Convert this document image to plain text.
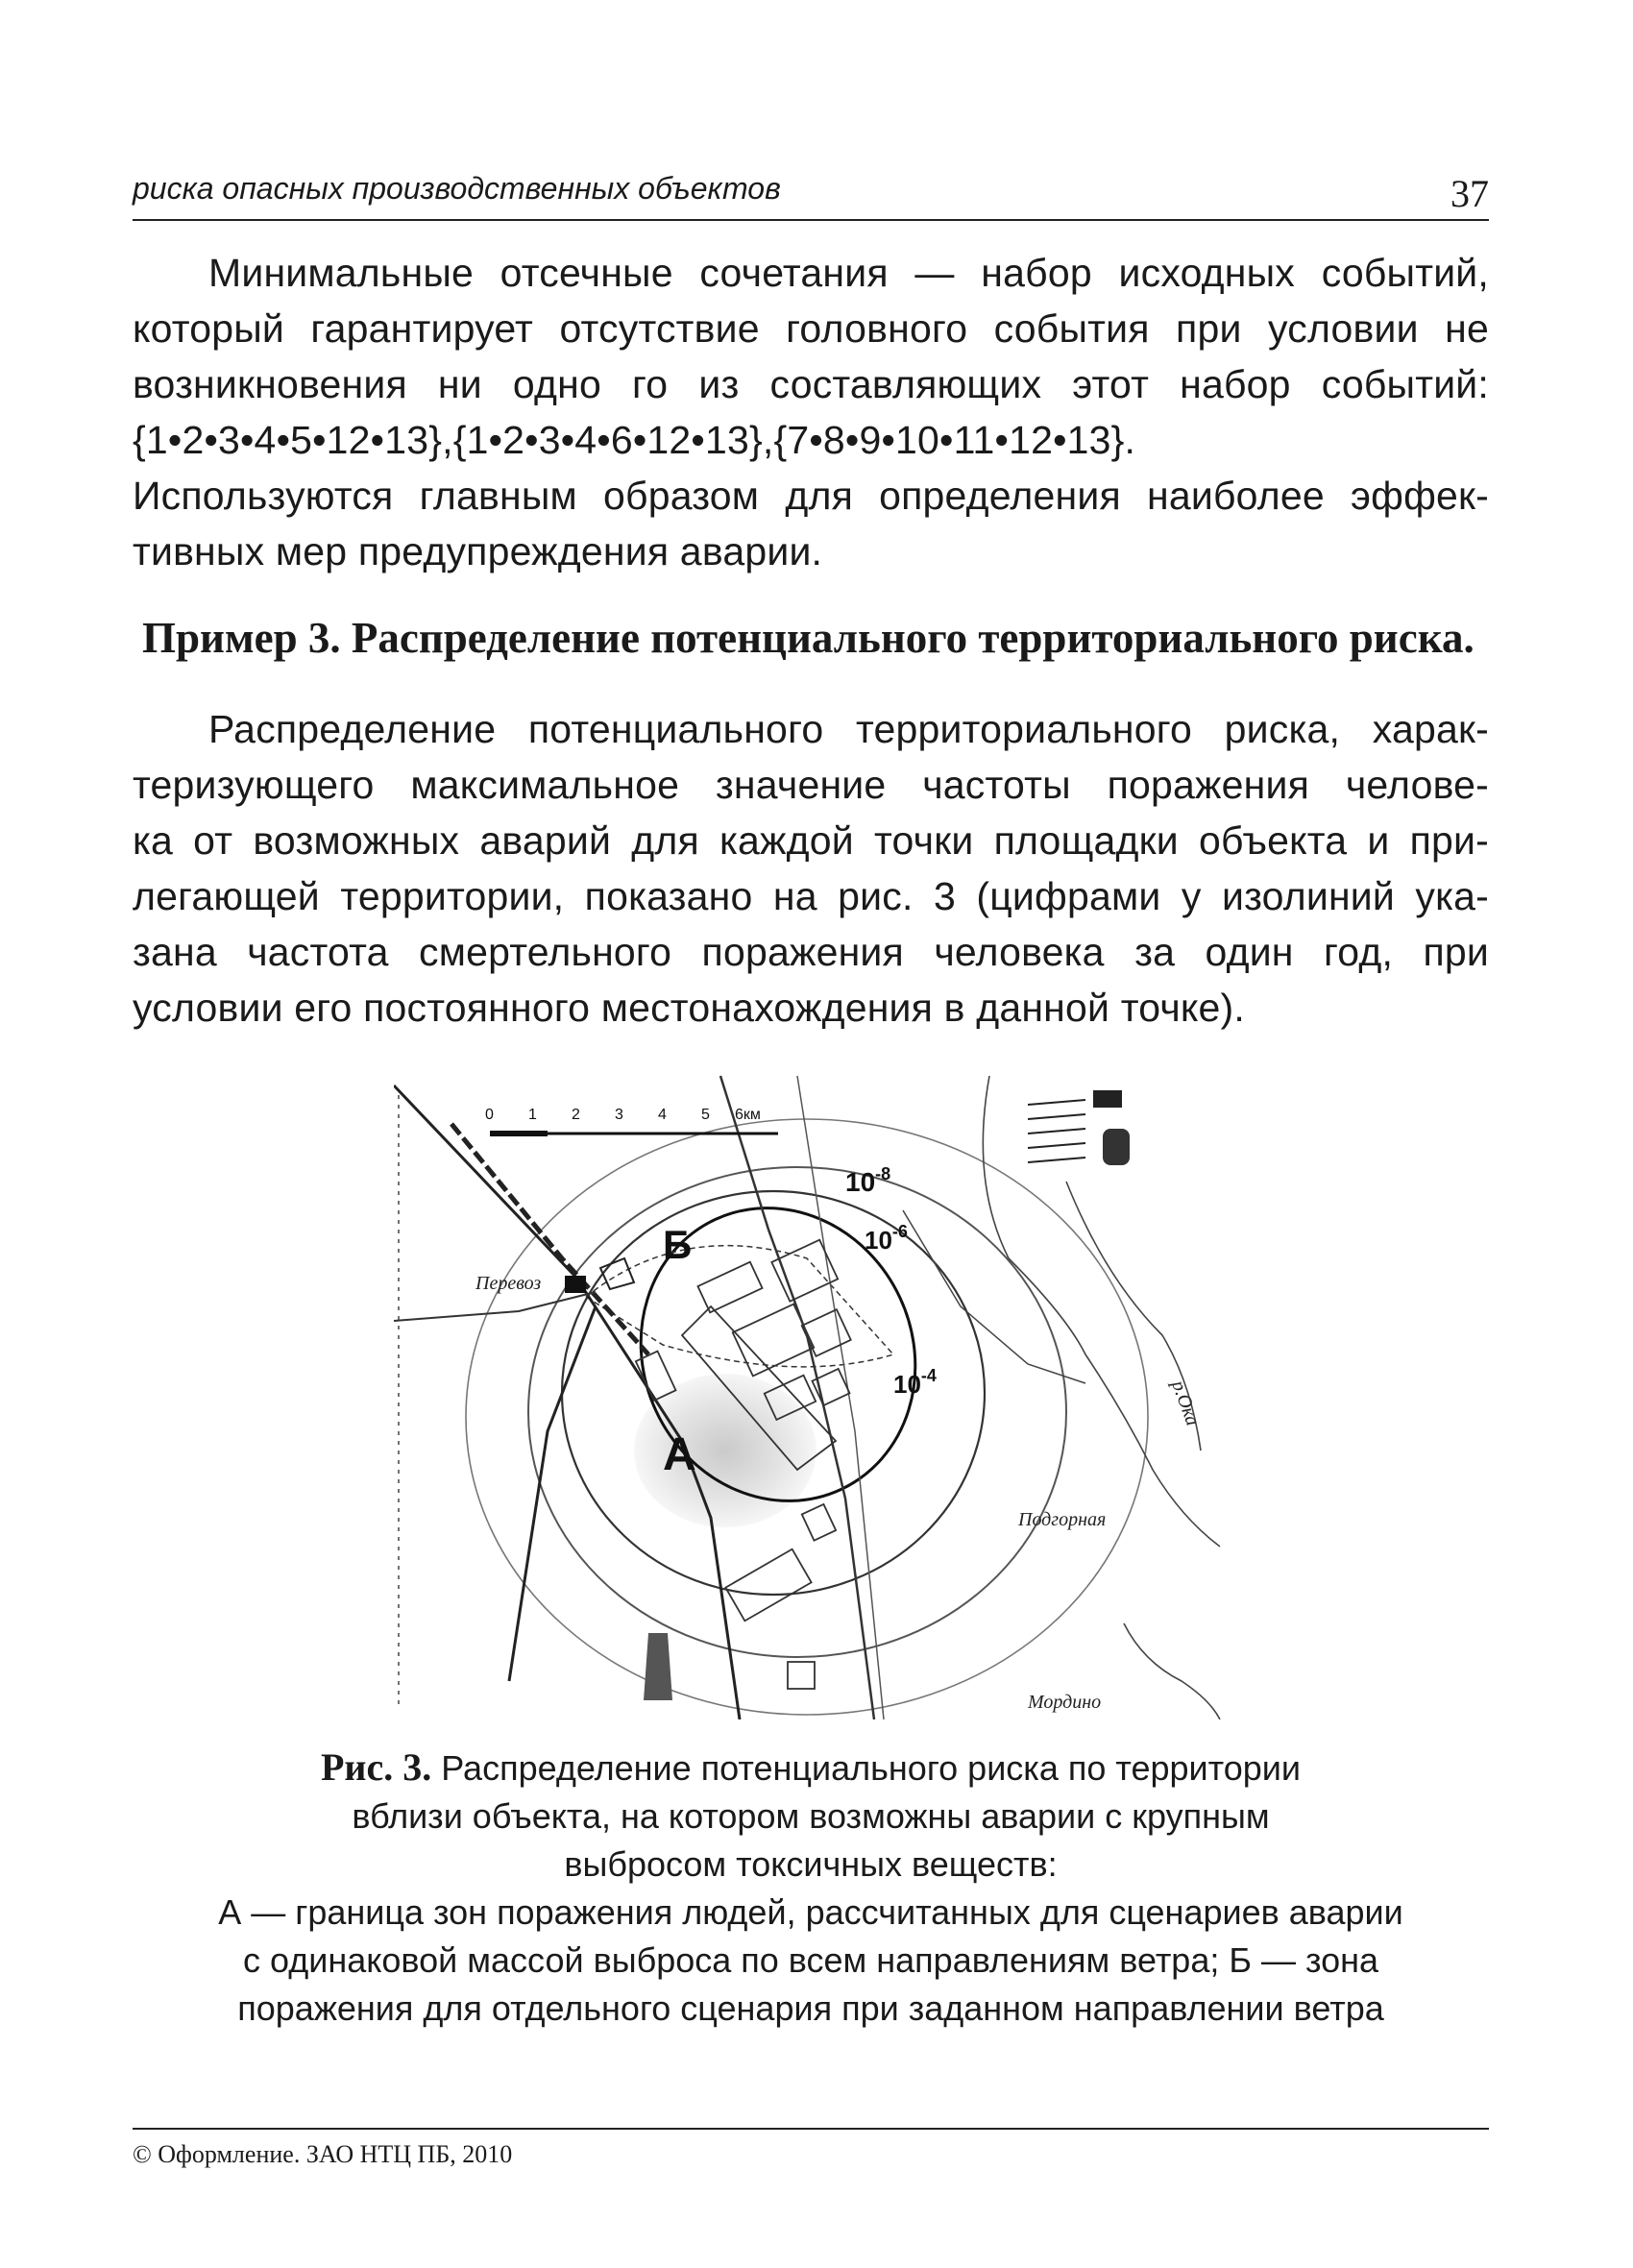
риска опасных производственных объектов	37
Минимальные отсечные сочетания — набор исходных событий,
который гарантирует отсутствие головного события при условии не
возникновения ни одно го из составляющих этот набор событий:
{1•2•3•4•5•12•13},{1•2•3•4•6•12•13},{7•8•9•10•11•12•13}.
Используются главным образом для определения наиболее эффек-
тивных мер предупреждения аварии.
Пример 3. Распределение потенциального территориального риска.
Распределение потенциального территориального риска, харак-
теризующего максимальное значение частоты поражения челове-
ка от возможных аварий для каждой точки площадки объекта и при-
легающей территории, показано на рис. 3 (цифрами у изолиний ука-
зана частота смертельного поражения человека за один год, при
условии его постоянного местонахождения в данной точке).
0 1 2 3 4 5 6км
$10^{-8}$
$10^{-6}$
$10^{-4}$
Б
А
Перевоз
Подгорная
Мордино
р.Ока
Рис. 3. Распределение потенциального риска по территории
вблизи объекта, на котором возможны аварии с крупным
выбросом токсичных веществ:
А — граница зон поражения людей, рассчитанных для сценариев аварии
с одинаковой массой выброса по всем направлениям ветра; Б — зона
поражения для отдельного сценария при заданном направлении ветра
© Оформление. ЗАО НТЦ ПБ, 2010
